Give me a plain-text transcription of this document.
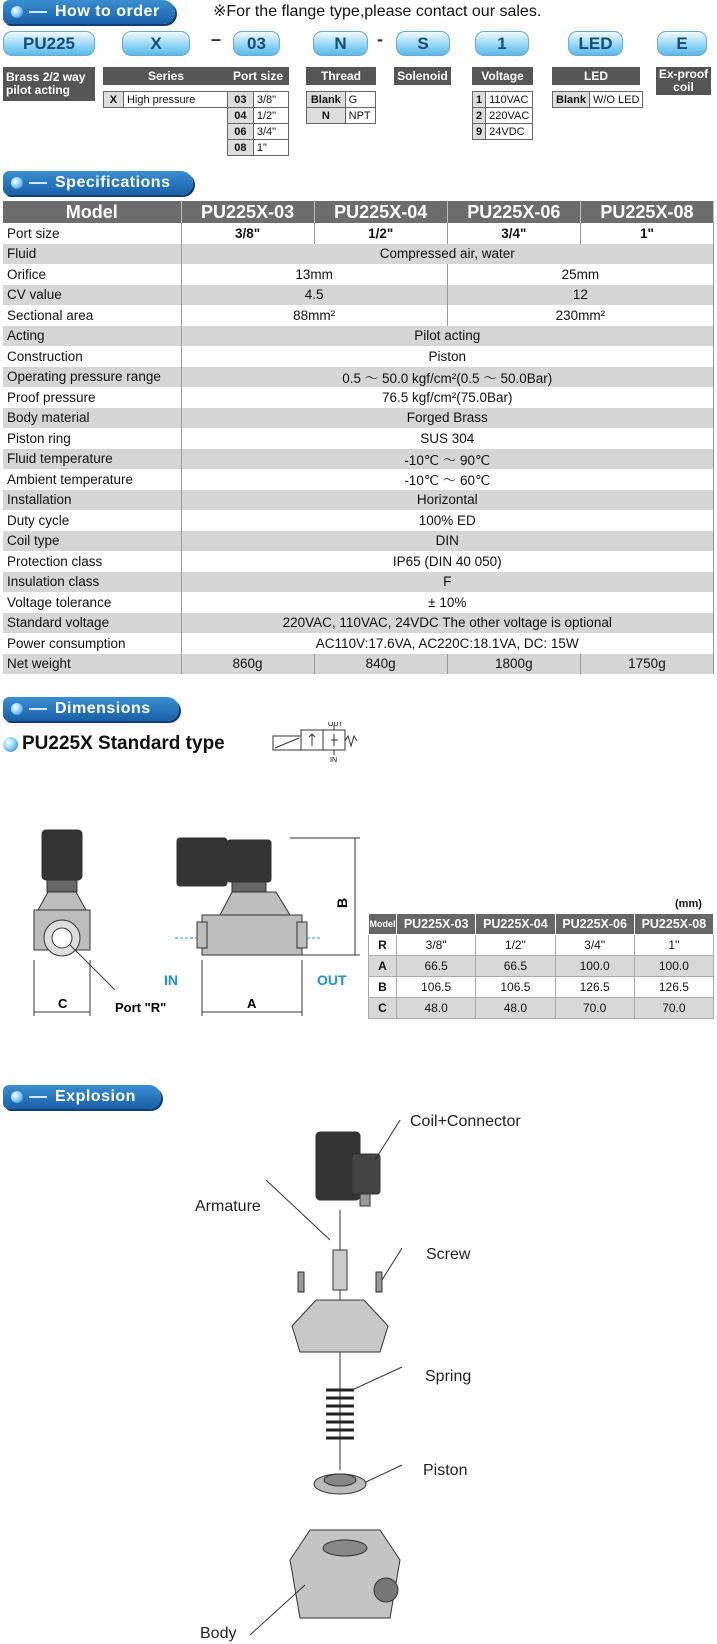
How to order	※For the flange type,please contact our sales.
PU225	X	–	03	N	-	S	1	LED	E
Brass 2/2 way pilot acting
Series	Port size	Thread	Solenoid	Voltage	LED	Ex-proof coil
X	High pressure	03	3/8"
04	1/2"
06	3/4"
08	1"
Blank	G
N	NPT
1	110VAC
2	220VAC
9	24VDC
Blank	W/O LED
Specifications
Model	PU225X-03	PU225X-04	PU225X-06	PU225X-08
Port size	3/8"	1/2"	3/4"	1"
Fluid	Compressed air, water			
Orifice	13mm		25mm	
CV value	4.5		12	
Sectional area	88mm²		230mm²	
Acting	Pilot acting			
Construction	Piston			
Operating pressure range	0.5 ～ 50.0 kgf/cm²(0.5 ～ 50.0Bar)			
Proof pressure	76.5 kgf/cm²(75.0Bar)			
Body material	Forged Brass			
Piston ring	SUS 304			
Fluid temperature	-10℃ ～ 90℃			
Ambient temperature	-10℃ ～ 60℃			
Installation	Horizontal			
Duty cycle	100% ED			
Coil type	DIN			
Protection class	IP65 (DIN 40 050)			
Insulation class	F			
Voltage tolerance	± 10%			
Standard voltage	220VAC, 110VAC, 24VDC The other voltage is optional			
Power consumption	AC110V:17.6VA, AC220C:18.1VA, DC: 15W			
Net weight	860g	840g	1800g	1750g
Dimensions
PU225X Standard type
OUT
IN
B
C	A
IN	OUT
Port "R"
(mm)
Model	PU225X-03	PU225X-04	PU225X-06	PU225X-08
R	3/8"	1/2"	3/4"	1"
A	66.5	66.5	100.0	100.0
B	106.5	106.5	126.5	126.5
C	48.0	48.0	70.0	70.0
Explosion
Coil+Connector
Armature
Screw
Spring
Piston
Body
